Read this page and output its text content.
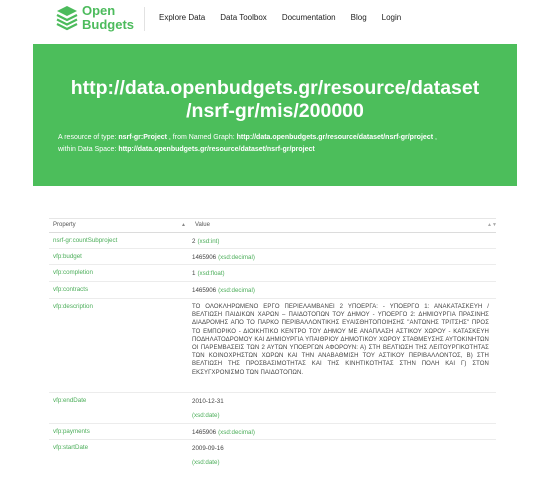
Open
Budgets	Explore Data Data Toolbox Documentation Blog Login
http://data.openbudgets.gr/resource/dataset
/nsrf-gr/mis/200000
A resource of type: nsrf-gr:Project , from Named Graph: http://data.openbudgets.gr/resource/dataset/nsrf-gr/project ,
within Data Space: http://data.openbudgets.gr/resource/dataset/nsrf-gr/project
Property	▲ Value	▲▼
nsrf-gr:countSubproject	2 (xsd:int)
vfp:budget	1465906 (xsd:decimal)
vfp:completion	1 (xsd:float)
vfp:contracts	1465906 (xsd:decimal)
vfp:description	ΤΟ ΟΛΟΚΛΗΡΩΜΕΝΟ ΕΡΓΟ ΠΕΡΙΕΛΑΜΒΑΝΕΙ 2 ΥΠΟΕΡΓΑ: - ΥΠΟΕΡΓΟ 1: ΑΝΑΚΑΤΑΣΚΕΥΗ / ΒΕΛΤΙΩΣΗ ΠΑΙΔΙΚΩΝ ΧΑΡΩΝ – ΠΑΙΔΟΤΟΠΩΝ ΤΟΥ ΔΗΜΟΥ - ΥΠΟΕΡΓΟ 2: ΔΗΜΙΟΥΡΓΙΑ ΠΡΑΣΙΝΗΣ ΔΙΑΔΡΟΜΗΣ ΑΠΟ ΤΟ ΠΑΡΚΟ ΠΕΡΙΒΑΛΛΟΝΤΙΚΗΣ ΕΥΑΙΣΘΗΤΟΠΟΙΗΣΗΣ "ΑΝΤΩΝΗΣ ΤΡΙΤΣΗΣ" ΠΡΟΣ ΤΟ ΕΜΠΟΡΙΚΟ - ΔΙΟΙΚΗΤΙΚΟ ΚΕΝΤΡΟ ΤΟΥ ΔΗΜΟΥ ΜΕ ΑΝΑΠΛΑΣΗ ΑΣΤΙΚΟΥ ΧΩΡΟΥ - ΚΑΤΑΣΚΕΥΗ ΠΟΔΗΛΑΤΟΔΡΟΜΟΥ ΚΑΙ ΔΗΜΙΟΥΡΓΙΑ ΥΠΑΙΘΡΙΟΥ ΔΗΜΟΤΙΚΟΥ ΧΩΡΟΥ ΣΤΑΘΜΕΥΣΗΣ ΑΥΤΟΚΙΝΗΤΩΝ ΟΙ ΠΑΡΕΜΒΑΣΕΙΣ ΤΩΝ 2 ΑΥΤΩΝ ΥΠΟΕΡΓΩΝ ΑΦΟΡΟΥΝ: Α) ΣΤΗ ΒΕΛΤΙΩΣΗ ΤΗΣ ΛΕΙΤΟΥΡΓΙΚΟΤΗΤΑΣ ΤΩΝ ΚΟΙΝΟΧΡΗΣΤΩΝ ΧΩΡΩΝ ΚΑΙ ΤΗΝ ΑΝΑΒΑΘΜΙΣΗ ΤΟΥ ΑΣΤΙΚΟΥ ΠΕΡΙΒΑΛΛΟΝΤΟΣ, Β) ΣΤΗ ΒΕΛΤΙΩΣΗ ΤΗΣ ΠΡΟΣΒΑΣΙΜΟΤΗΤΑΣ ΚΑΙ ΤΗΣ ΚΙΝΗΤΙΚΟΤΗΤΑΣ ΣΤΗΝ ΠΟΛΗ ΚΑΙ Γ) ΣΤΟΝ ΕΚΣΥΓΧΡΟΝΙΣΜΟ ΤΩΝ ΠΑΙΔΟΤΟΠΩΝ.
vfp:endDate	2010-12-31
(xsd:date)
vfp:payments	1465906 (xsd:decimal)
vfp:startDate	2009-09-16
(xsd:date)
